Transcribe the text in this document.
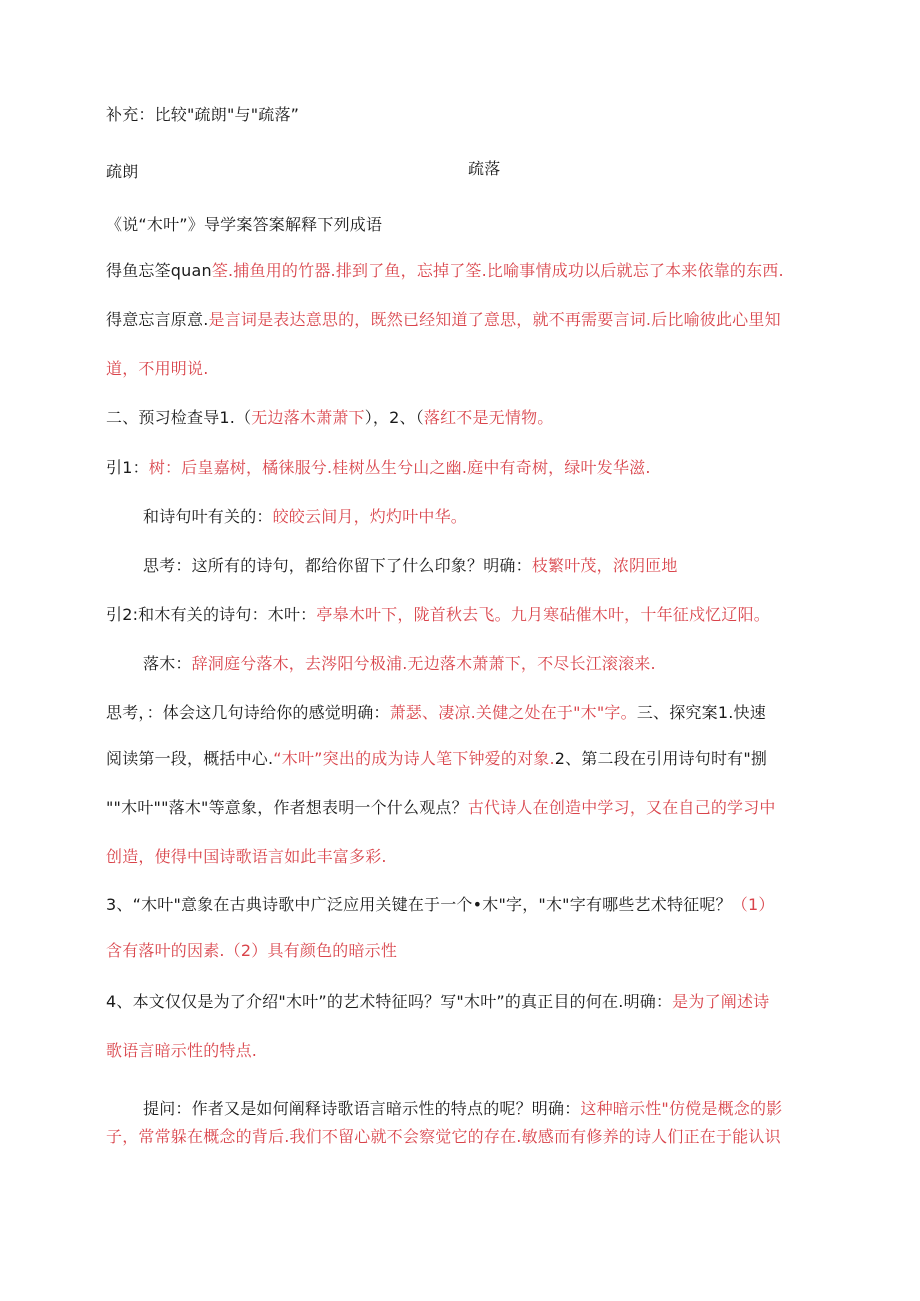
补充：比较"疏朗"与"疏落”
疏朗	疏落
《说“木叶”》导学案答案解释下列成语
得鱼忘筌quan筌.捕鱼用的竹器.排到了鱼，忘掉了筌.比喻事情成功以后就忘了本来依靠的东西.
得意忘言原意.是言词是表达意思的，既然已经知道了意思，就不再需要言词.后比喻彼此心里知
道，不用明说.
二、预习检查导1.（无边落木萧萧下），2、（落红不是无情物。
引1：树：后皇嘉树，橘徕服兮.桂树丛生兮山之幽.庭中有奇树，绿叶发华滋.
和诗句叶有关的：皎皎云间月，灼灼叶中华。
思考：这所有的诗句，都给你留下了什么印象？明确：枝繁叶茂，浓阴匝地
引2:和木有关的诗句：木叶：亭皋木叶下，陇首秋去飞。九月寒砧催木叶，十年征戍忆辽阳。
落木：辞洞庭兮落木，去涔阳兮极浦.无边落木萧萧下，不尽长江滚滚来.
思考，：体会这几句诗给你的感觉明确：萧瑟、凄凉.关健之处在于"木"字。三、探究案1.快速
阅读第一段，概括中心.“木叶”突出的成为诗人笔下钟爱的对象.2、第二段在引用诗句时有"捌
""木叶""落木"等意象，作者想表明一个什么观点？古代诗人在创造中学习，又在自己的学习中
创造，使得中国诗歌语言如此丰富多彩.
3、“木叶"意象在古典诗歌中广泛应用关键在于一个•木"字，"木"字有哪些艺术特征呢？（1）
含有落叶的因素.（2）具有颜色的暗示性
4、本文仅仅是为了介绍"木叶”的艺术特征吗？写"木叶”的真正目的何在.明确：是为了阐述诗
歌语言暗示性的特点.
提问：作者又是如何阐释诗歌语言暗示性的特点的呢？明确：这种暗示性"仿傥是概念的影
子，常常躲在概念的背后.我们不留心就不会察觉它的存在.敏感而有修养的诗人们正在于能认识
